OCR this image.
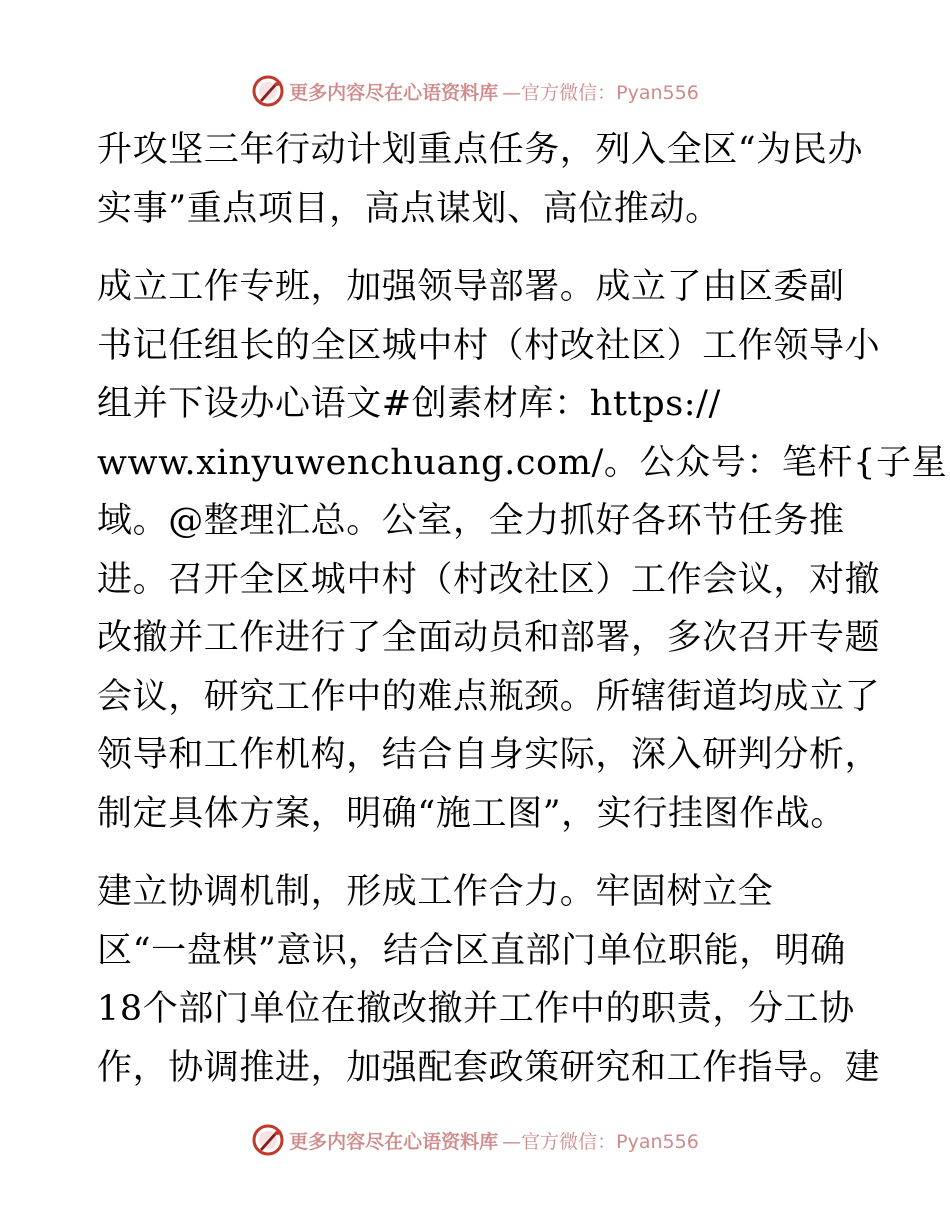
更多内容尽在心语资料库 —官方微信：Pyan556
升攻坚三年行动计划重点任务，列入全区“为民办
实事”重点项目，高点谋划、高位推动。
成立工作专班，加强领导部署。成立了由区委副
书记任组长的全区城中村（村改社区）工作领导小
组并下设办心语文#创素材库：https://
www.xinyuwenchuang.com/。公众号：笔杆{子星
域。@整理汇总。公室，全力抓好各环节任务推
进。召开全区城中村（村改社区）工作会议，对撤
改撤并工作进行了全面动员和部署，多次召开专题
会议，研究工作中的难点瓶颈。所辖街道均成立了
领导和工作机构，结合自身实际，深入研判分析，
制定具体方案，明确“施工图”，实行挂图作战。
建立协调机制，形成工作合力。牢固树立全
区“一盘棋”意识，结合区直部门单位职能，明确
18个部门单位在撤改撤并工作中的职责，分工协
作，协调推进，加强配套政策研究和工作指导。建
更多内容尽在心语资料库 —官方微信：Pyan556
